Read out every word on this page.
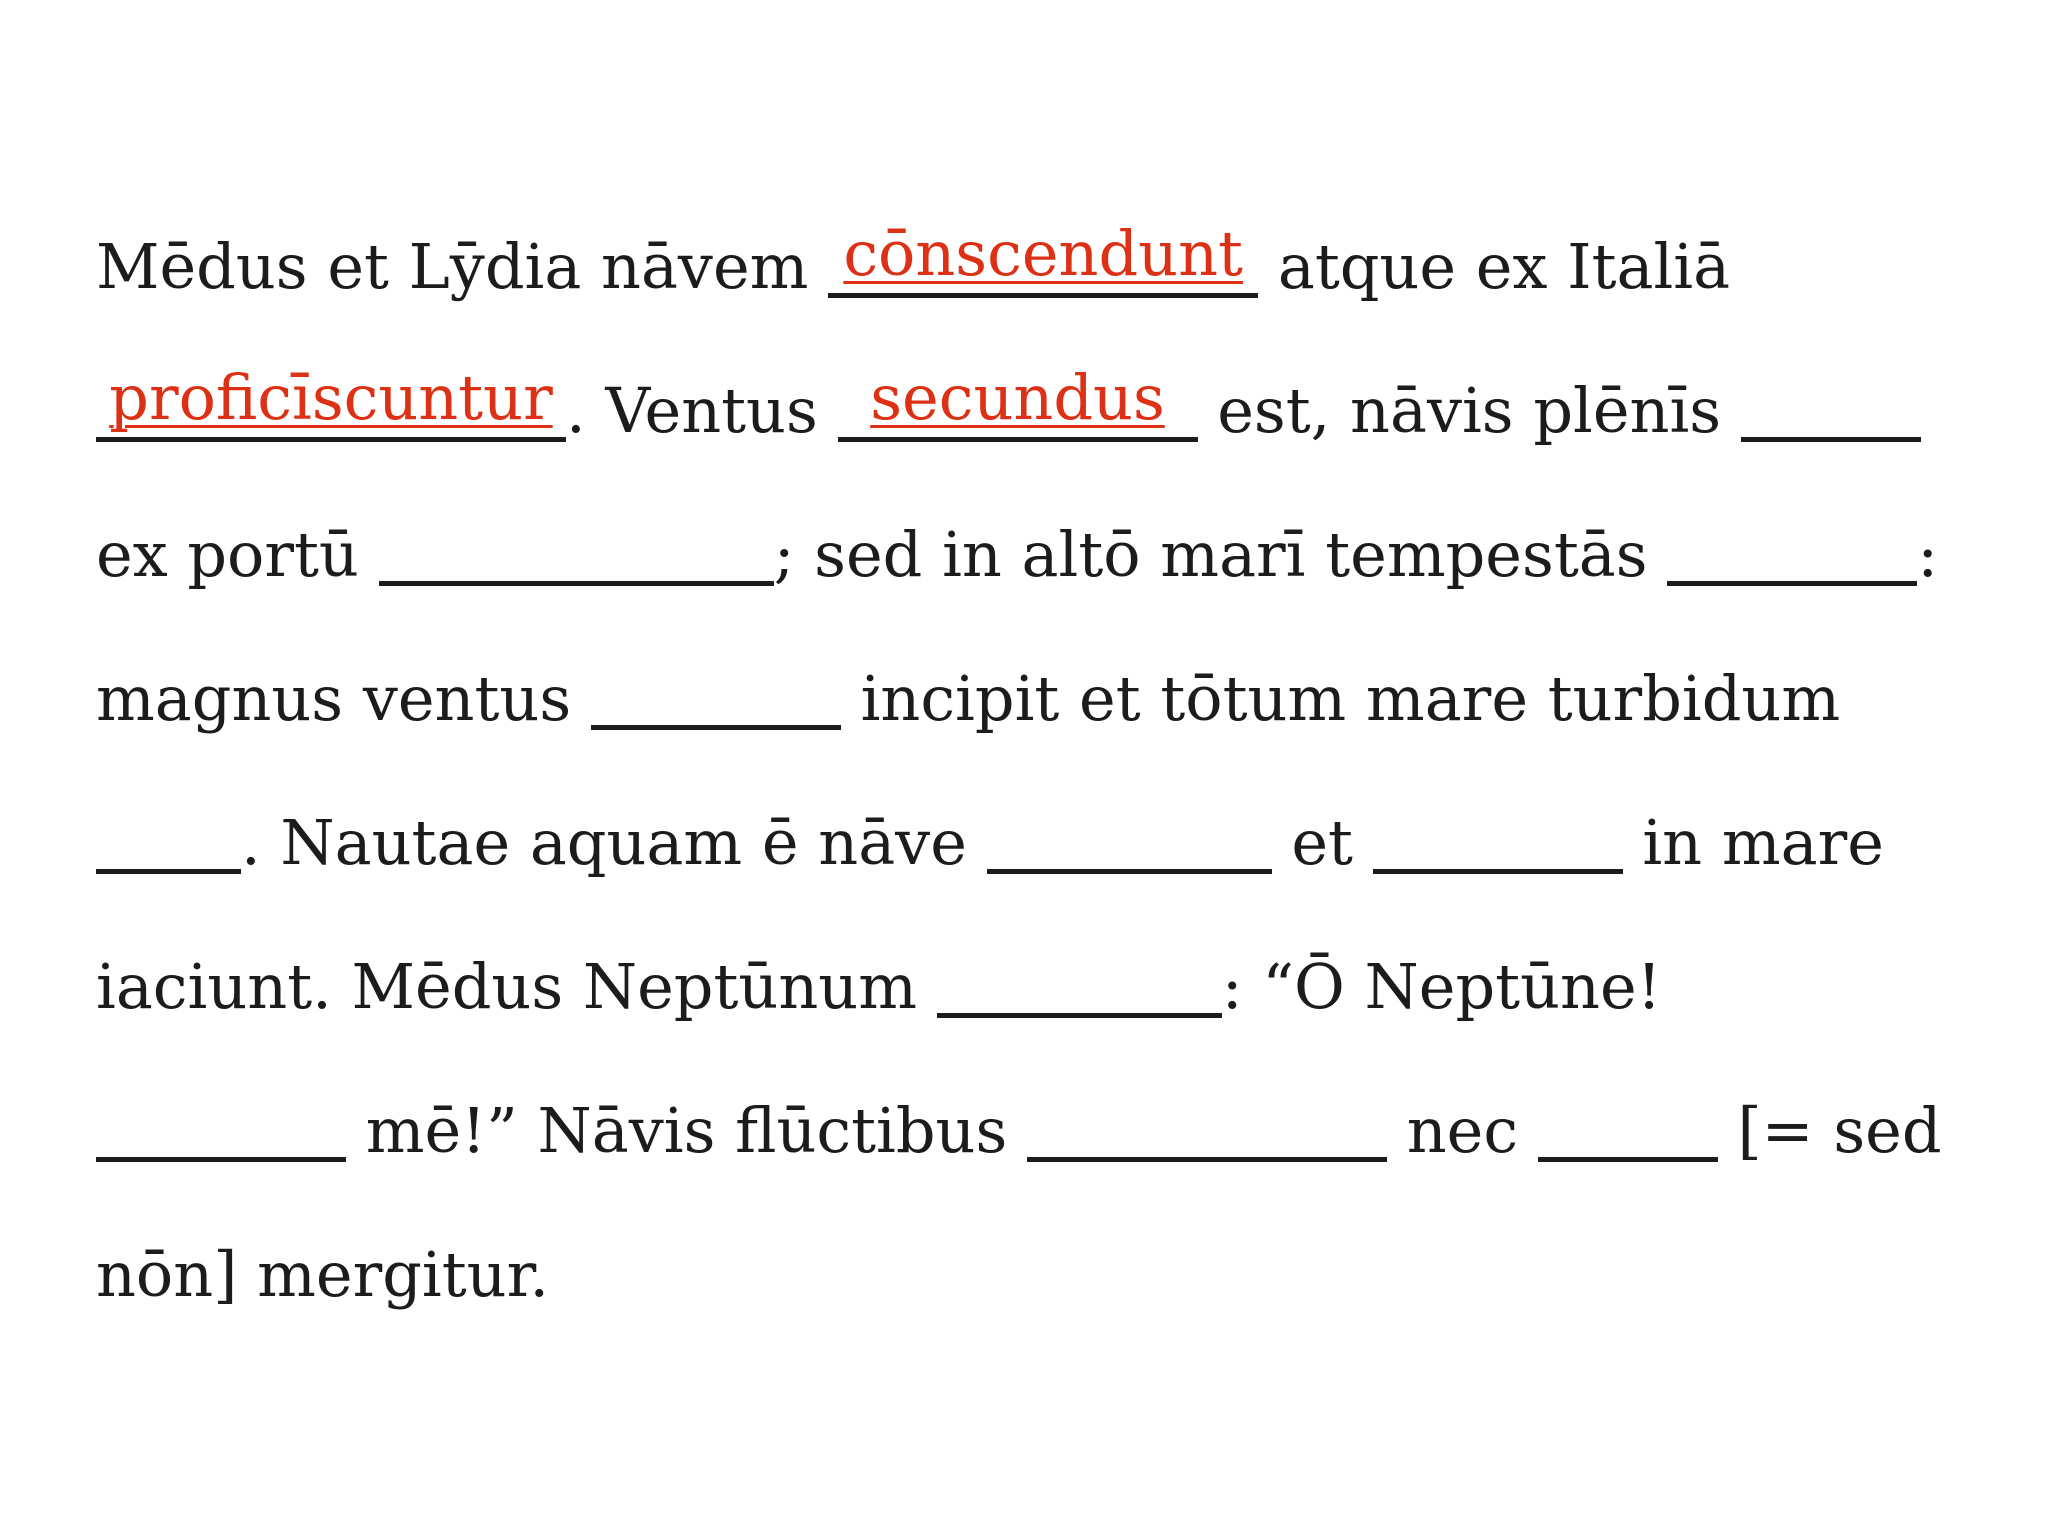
Mēdus et Lȳdia nāvem cōnscendunt atque ex Italiā
proficīscuntur . Ventus secundus est, nāvis plēnīs
ex portū	; sed in altō marī tempestās	:
magnus ventus	incipit et tōtum mare turbidum
. Nautae aquam ē nāve	et	in mare
iaciunt. Mēdus Neptūnum	: “Ō Neptūne!
mē!” Nāvis flūctibus	nec	[= sed
nōn] mergitur.
